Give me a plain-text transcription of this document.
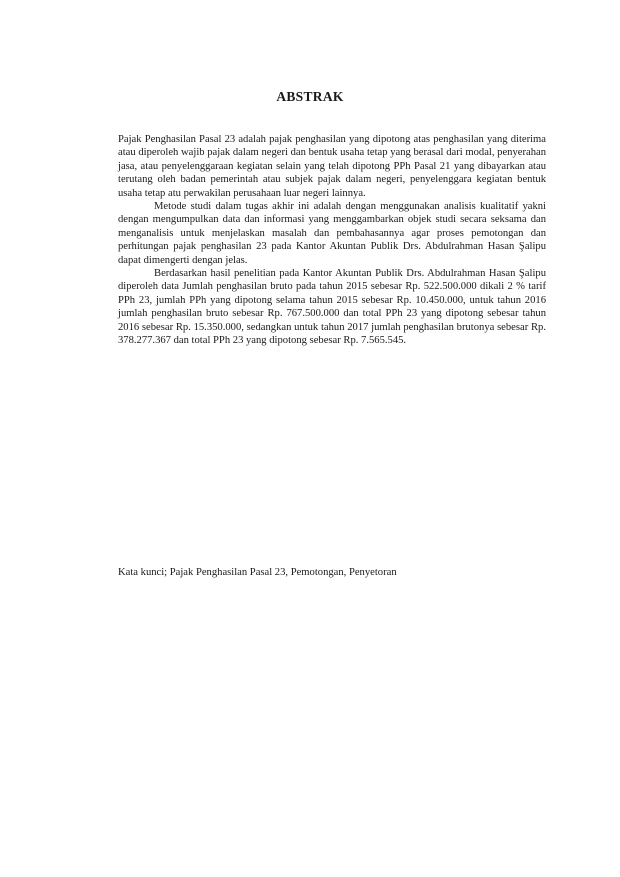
ABSTRAK

Pajak Penghasilan Pasal 23 adalah pajak penghasilan yang dipotong atas penghasilan yang diterima atau diperoleh wajib pajak dalam negeri dan bentuk usaha tetap yang berasal dari modal, penyerahan jasa, atau penyelenggaraan kegiatan selain yang telah dipotong PPh Pasal 21 yang dibayarkan atau terutang oleh badan pemerintah atau subjek pajak dalam negeri, penyelenggara kegiatan bentuk usaha tetap atu perwakilan perusahaan luar negeri lainnya.

Metode studi dalam tugas akhir ini adalah dengan menggunakan analisis kualitatif yakni dengan mengumpulkan data dan informasi yang menggambarkan objek studi secara seksama dan menganalisis untuk menjelaskan masalah dan pembahasannya agar proses pemotongan dan perhitungan pajak penghasilan 23 pada Kantor Akuntan Publik Drs. Abdulrahman Hasan Şalipu dapat dimengerti dengan jelas.

Berdasarkan hasil penelitian pada Kantor Akuntan Publik Drs. Abdulrahman Hasan Şalipu diperoleh data Jumlah penghasilan bruto pada tahun 2015 sebesar Rp. 522.500.000 dikali 2 % tarif PPh 23, jumlah PPh yang dipotong selama tahun 2015 sebesar Rp. 10.450.000, untuk tahun 2016 jumlah penghasilan bruto sebesar Rp. 767.500.000 dan total PPh 23 yang dipotong sebesar tahun 2016 sebesar Rp. 15.350.000, sedangkan untuk tahun 2017 jumlah penghasilan brutonya sebesar Rp. 378.277.367 dan total PPh 23 yang dipotong sebesar Rp. 7.565.545.

Kata kunci; Pajak Penghasilan Pasal 23, Pemotongan, Penyetoran
